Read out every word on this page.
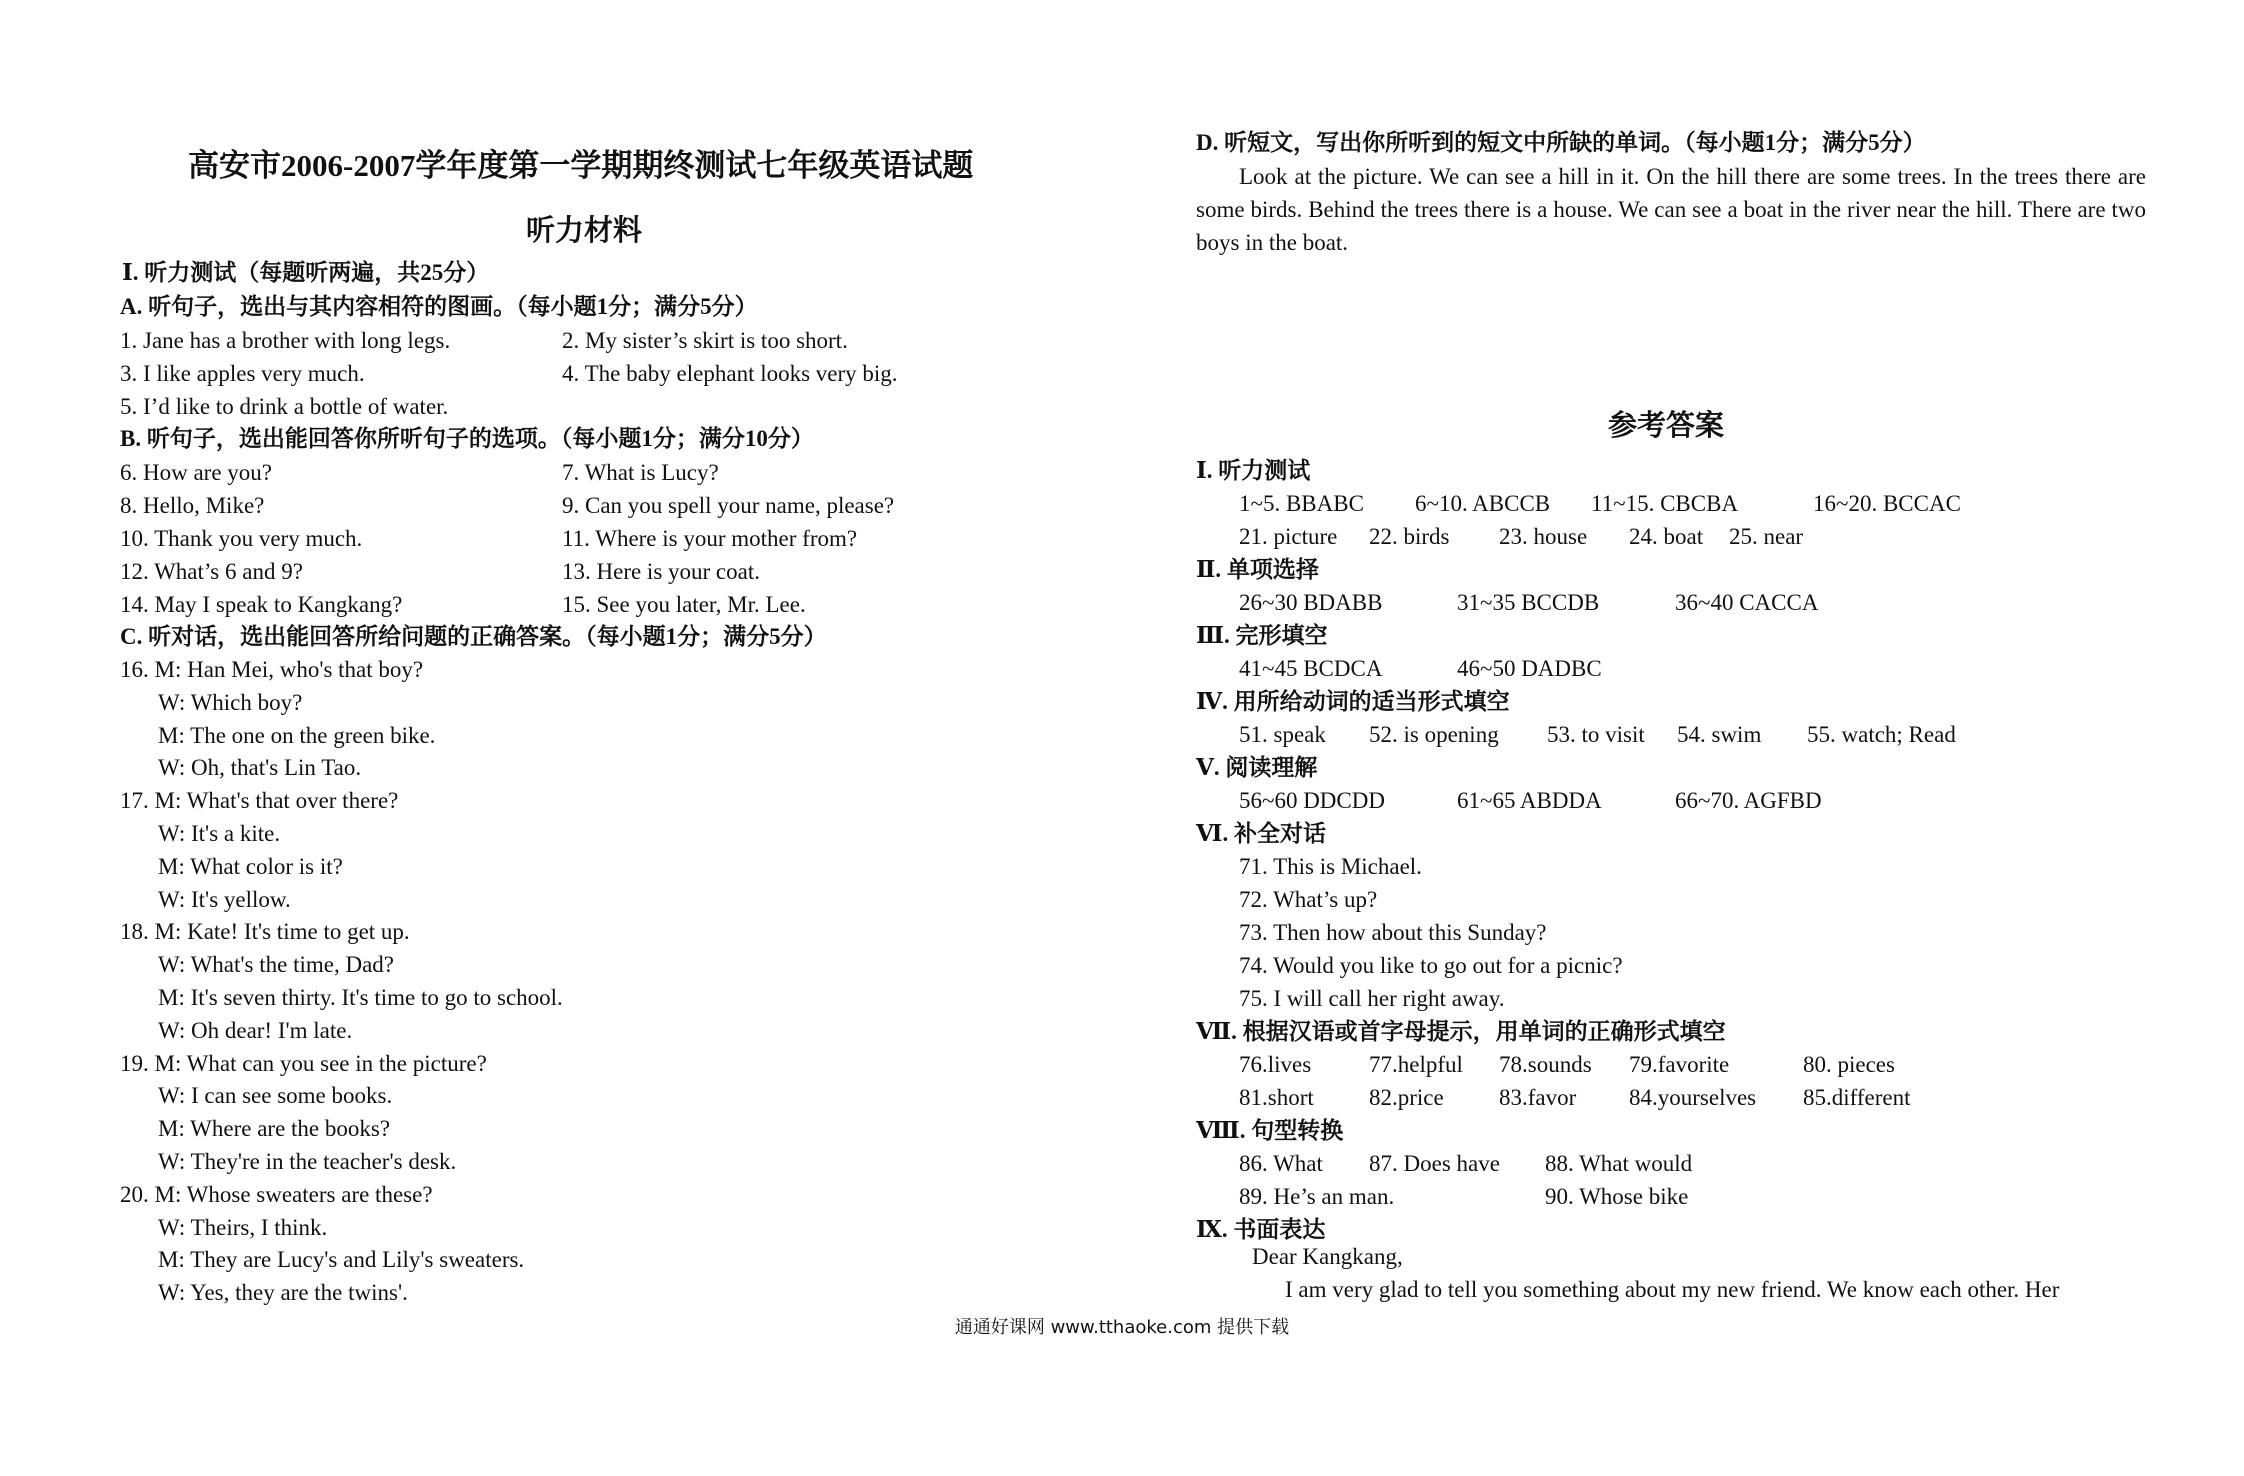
高安市2006-2007学年度第一学期期终测试七年级英语试题
听力材料
Ⅰ. 听力测试（每题听两遍，共25分）
A. 听句子，选出与其内容相符的图画。（每小题1分；满分5分）
1. Jane has a brother with long legs.	2. My sister’s skirt is too short.
3. I like apples very much.	4. The baby elephant looks very big.
5. I’d like to drink a bottle of water.
B. 听句子，选出能回答你所听句子的选项。（每小题1分；满分10分）
6. How are you?	7. What is Lucy?
8. Hello, Mike?	9. Can you spell your name, please?
10. Thank you very much.	11. Where is your mother from?
12. What’s 6 and 9?	13. Here is your coat.
14. May I speak to Kangkang?	15. See you later, Mr. Lee.
C. 听对话，选出能回答所给问题的正确答案。（每小题1分；满分5分）
16. M: Han Mei, who's that boy?
W: Which boy?
M: The one on the green bike.
W: Oh, that's Lin Tao.
17. M: What's that over there?
W: It's a kite.
M: What color is it?
W: It's yellow.
18. M: Kate! It's time to get up.
W: What's the time, Dad?
M: It's seven thirty. It's time to go to school.
W: Oh dear! I'm late.
19. M: What can you see in the picture?
W: I can see some books.
M: Where are the books?
W: They're in the teacher's desk.
20. M: Whose sweaters are these?
W: Theirs, I think.
M: They are Lucy's and Lily's sweaters.
W: Yes, they are the twins'.
D. 听短文，写出你所听到的短文中所缺的单词。（每小题1分；满分5分）
Look at the picture. We can see a hill in it. On the hill there are some trees. In the trees there are some birds. Behind the trees there is a house. We can see a boat in the river near the hill. There are two boys in the boat.
参考答案
Ⅰ. 听力测试
1~5. BBABC	6~10. ABCCB	11~15. CBCBA	16~20. BCCAC
21. picture	22. birds	23. house	24. boat	25. near
Ⅱ. 单项选择
26~30 BDABB	31~35 BCCDB	36~40 CACCA
Ⅲ. 完形填空
41~45 BCDCA	46~50 DADBC
Ⅳ. 用所给动词的适当形式填空
51. speak	52. is opening	53. to visit	54. swim	55. watch; Read
Ⅴ. 阅读理解
56~60 DDCDD	61~65 ABDDA	66~70. AGFBD
Ⅵ. 补全对话
71. This is Michael.
72. What’s up?
73. Then how about this Sunday?
74. Would you like to go out for a picnic?
75. I will call her right away.
Ⅶ. 根据汉语或首字母提示，用单词的正确形式填空
76.lives	77.helpful	78.sounds	79.favorite	80. pieces
81.short	82.price	83.favor	84.yourselves	85.different
Ⅷ. 句型转换
86. What	87. Does have	88. What would
89. He’s an man.	90. Whose bike
Ⅸ. 书面表达
Dear Kangkang,
I am very glad to tell you something about my new friend. We know each other. Her
通通好课网 www.tthaoke.com 提供下载
